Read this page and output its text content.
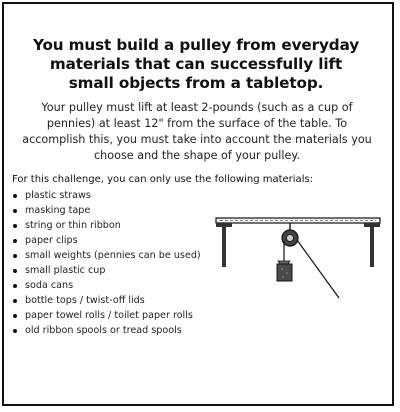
You must build a pulley from everyday materials that can successfully lift small objects from a tabletop.

Your pulley must lift at least 2-pounds (such as a cup of pennies) at least 12" from the surface of the table. To accomplish this, you must take into account the materials you choose and the shape of your pulley.

For this challenge, you can only use the following materials:

plastic straws
masking tape
string or thin ribbon
paper clips
small weights (pennies can be used)
small plastic cup
soda cans
bottle tops / twist-off lids
paper towel rolls / toilet paper rolls
old ribbon spools or tread spools
